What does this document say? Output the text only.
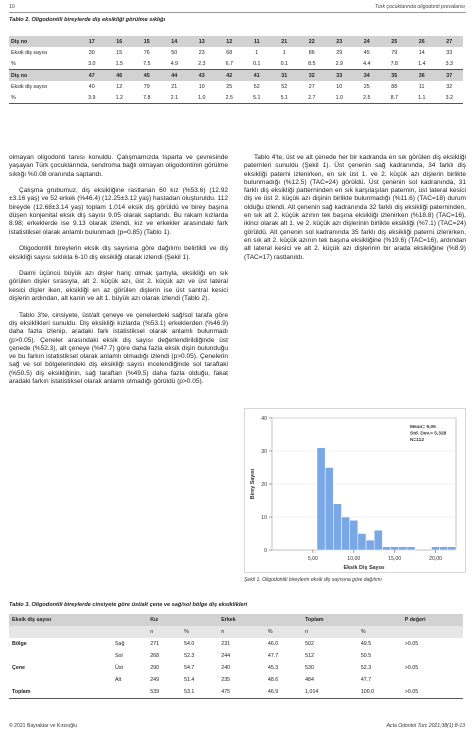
10	Türk çocuklarında oligodonti prevalansı
Tablo 2. Oligodontili bireylerde diş eksikliği görülme sıklığı
Diş no	17	16	15	14	13	12	11	21	22	23	24	25	26	27
Eksik diş sayısı	30	15	76	50	23	68	1	1	86	29	45	79	14	33
%	3.0	1.5	7.5	4.9	2.3	6.7	0.1	0.1	8.5	2.9	4.4	7.8	1.4	3.3
Diş no	47	46	45	44	43	42	41	31	32	33	34	35	36	37
Eksik diş sayısı	40	12	79	21	10	25	52	52	27	10	25	88	11	32
%	3.9	1.2	7.8	2.1	1.0	2.5	5.1	5.1	2.7	1.0	2.5	8.7	1.1	3.2

olmayan oligodonti tanısı konuldu. Çalışmamızda Isparta ve çevresinde yaşayan Türk çocuklarında, sendroma bağlı olmayan oligodontinin görülme sıklığı %0.08 oranında saptandı.

Çalışma grubumuz, diş eksikliğine rastlanan 60 kız (%53.6) (12.92 ±3.16 yaş) ve 52 erkek (%46.4) (12.25±3.12 yaş) hastadan oluşturuldu. 112 bireyde (12.68±3.14 yaş) toplam 1,014 eksik diş görüldü ve birey başına düşen konjenital eksik diş sayısı 9.05 olarak saptandı. Bu rakam kızlarda 8.98; erkeklerde ise 9.13 olarak izlendi, kız ve erkekler arasındaki fark istatistiksel olarak anlamlı bulunmadı (p=0.85) (Tablo 1).

Oligodontili bireylerin eksik diş sayısına göre dağılımı belirtildi ve diş eksikliği sayısı sıklıkla 6-10 diş eksikliği olarak izlendi (Şekil 1).

Daimi üçüncü büyük azı dişler hariç olmak şartıyla, eksikliği en sık görülen dişler sırasıyla, alt 2. küçük azı, üst 2. küçük azı ve üst lateral kesici dişler iken, eksikliği en az görülen dişlerin ise üst santral kesici dişlerin ardından, alt kanin ve alt 1. büyük azı olarak izlendi (Tablo 2).

Tablo 3'te, cinsiyete, üst/alt çeneye ve çenelerdeki sağ/sol tarafa göre diş eksiklikleri sunuldu. Diş eksikliği kızlarda (%53.1) erkeklerden (%46.9) daha fazla izlenip, aradaki fark istatistiksel olarak anlamlı bulunmadı (p>0.05). Çeneler arasındaki eksik diş sayısı değerlendirildiğinde üst çenede (%52.3), alt çeneye (%47.7) göre daha fazla eksik dişin bulunduğu ve bu farkın istatistiksel olarak anlamlı olmadığı izlendi (p>0.05). Çenelerin sağ ve sol bölgelerindeki diş eksikliği sayısı incelendiğinde sol taraftaki (%50.5) diş eksikliğinin, sağ taraftan (%49.5) daha fazla olduğu, fakat aradaki farkın istatistiksel olarak anlamlı olmadığı görüldü (p>0.05).

Tablo 4'te, üst ve alt çenede her bir kadranda en sık görülen diş eksikliği paternleri sunuldu (Şekil 1). Üst çenenin sağ kadranında, 34 farklı diş eksikliği paterni izlenirken, en sık üst 1. ve 2. küçük azı dişlerin birlikte bulunmadığı (%12.5) (TAC=24) görüldü. Üst çenenin sol kadranında, 31 farklı diş eksikliği patterninden en sık karşılaşılan paternin, üst lateral kesici diş ve üst 2. küçük azı dişinin birlikte bulunmadığı (%11.6) (TAC=18) durum olduğu izlendi. Alt çenenin sağ kadranında 32 farklı diş eksikliği paterninden, en sık alt 2. küçük azının tek başına eksikliği izlenirken (%18.8) (TAC=16), ikinci olarak alt 1. ve 2. küçük azı dişlerinin birlikte eksikliği (%7.1) (TAC=24) görüldü. Alt çenenin sol kadranında 35 farklı diş eksikliği paterni izlenirken, en sık alt 2. küçük azının tek başına eksikliğine (%19.6) (TAC=16), ardından alt lateral kesici ve alt 2. küçük azı dişlerinin bir arada eksikliğine (%8.9) (TAC=17) rastlanıldı.

0
10
20
30
40
5,00	10,00	15,00	20,00
Eksik Diş Sayısı
Birey Sayısı
Mean= 9,05
Std. Dev.= 5,328
N=112
Şekil 1. Oligodontili bireylerin eksik diş sayısına göre dağılımı
Tablo 3. Oligodontili bireylerde cinsiyete göre üst/alt çene ve sağ/sol bölge diş eksiklikleri
Eksik diş sayısı		Kız		Erkek		Toplam		P değeri
		n	%	n	%	n	%	
Bölge	Sağ	271	54.0	231	46.0	502	49.5	>0.05
	Sol	268	52.3	244	47.7	512	50.5	
Çene	Üst	290	54.7	240	45.3	530	52.3	>0.05
	Alt	249	51.4	235	48.6	484	47.7	
Toplam		539	53.1	475	46.9	1,014	100.0	>0.05
© 2021 Bayraktar ve Kırzıoğlu	Acta Odontol Turc 2021;38(1):8-13
